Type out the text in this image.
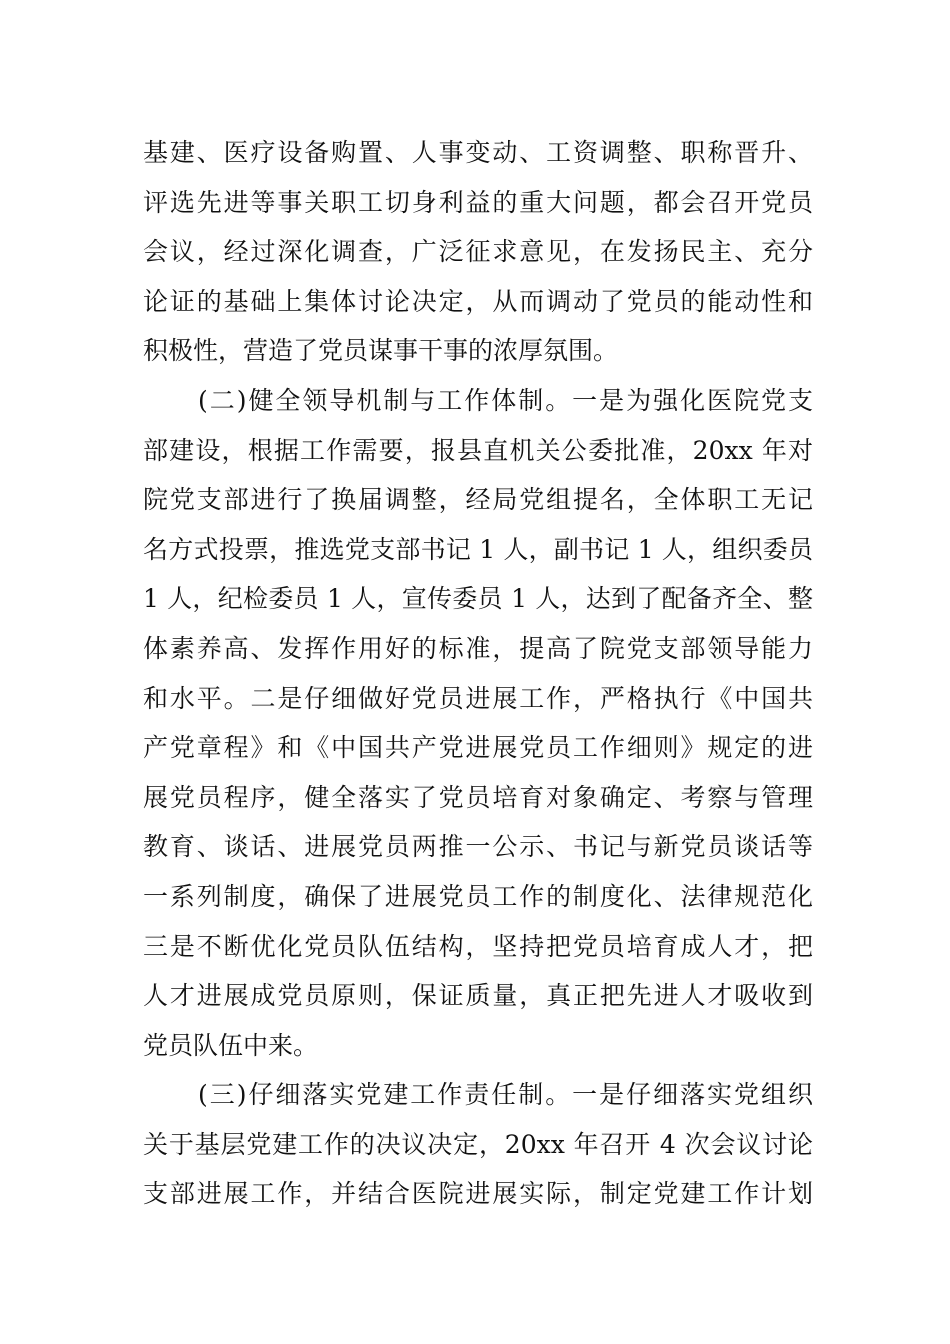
基建、医疗设备购置、人事变动、工资调整、职称晋升、
评选先进等事关职工切身利益的重大问题，都会召开党员
会议，经过深化调查，广泛征求意见，在发扬民主、充分
论证的基础上集体讨论决定，从而调动了党员的能动性和
积极性，营造了党员谋事干事的浓厚氛围。
(二)健全领导机制与工作体制。一是为强化医院党支
部建设，根据工作需要，报县直机关公委批准，20xx 年对
院党支部进行了换届调整，经局党组提名，全体职工无记
名方式投票，推选党支部书记 1 人，副书记 1 人，组织委员
1 人，纪检委员 1 人，宣传委员 1 人，达到了配备齐全、整
体素养高、发挥作用好的标准，提高了院党支部领导能力
和水平。二是仔细做好党员进展工作，严格执行《中国共
产党章程》和《中国共产党进展党员工作细则》规定的进
展党员程序，健全落实了党员培育对象确定、考察与管理
教育、谈话、进展党员两推一公示、书记与新党员谈话等
一系列制度，确保了进展党员工作的制度化、法律规范化
三是不断优化党员队伍结构，坚持把党员培育成人才，把
人才进展成党员原则，保证质量，真正把先进人才吸收到
党员队伍中来。
(三)仔细落实党建工作责任制。一是仔细落实党组织
关于基层党建工作的决议决定，20xx 年召开 4 次会议讨论
支部进展工作，并结合医院进展实际，制定党建工作计划
